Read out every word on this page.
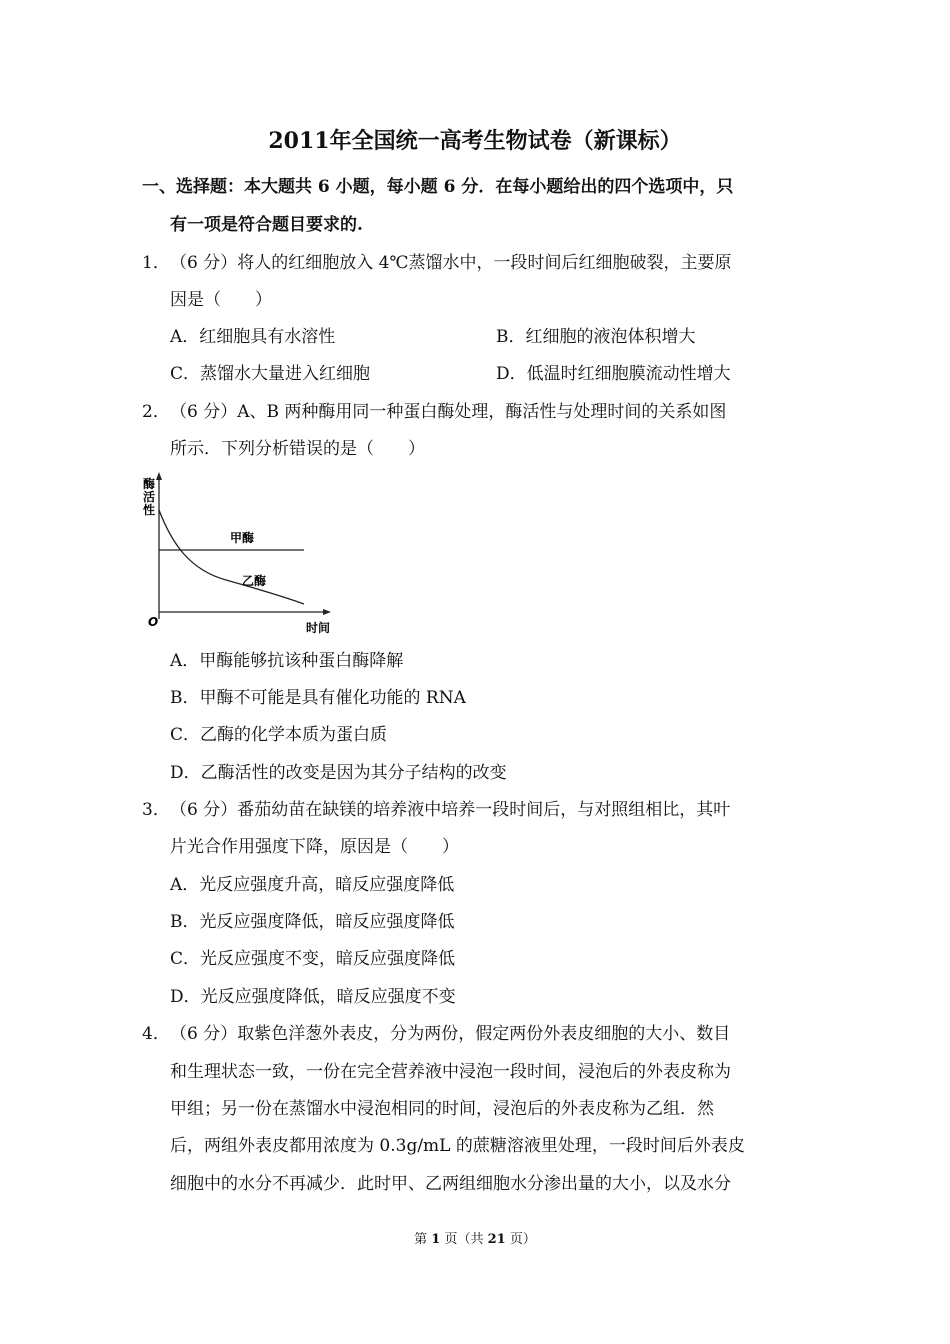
2011年全国统一高考生物试卷（新课标）
一、选择题：本大题共 6 小题，每小题 6 分．在每小题给出的四个选项中，只
有一项是符合题目要求的.
1． （6 分）将人的红细胞放入 4℃蒸馏水中，一段时间后红细胞破裂，主要原
因是（　　）
A．红细胞具有水溶性	B．红细胞的液泡体积增大
C．蒸馏水大量进入红细胞	D．低温时红细胞膜流动性增大
2． （6 分）A、B 两种酶用同一种蛋白酶处理，酶活性与处理时间的关系如图
所示．下列分析错误的是（　　）
酶
活
性
O	时间
甲酶
乙酶
A．甲酶能够抗该种蛋白酶降解
B．甲酶不可能是具有催化功能的 RNA
C．乙酶的化学本质为蛋白质
D．乙酶活性的改变是因为其分子结构的改变
3． （6 分）番茄幼苗在缺镁的培养液中培养一段时间后，与对照组相比，其叶
片光合作用强度下降，原因是（　　）
A．光反应强度升高，暗反应强度降低
B．光反应强度降低，暗反应强度降低
C．光反应强度不变，暗反应强度降低
D．光反应强度降低，暗反应强度不变
4． （6 分）取紫色洋葱外表皮，分为两份，假定两份外表皮细胞的大小、数目
和生理状态一致，一份在完全营养液中浸泡一段时间，浸泡后的外表皮称为
甲组；另一份在蒸馏水中浸泡相同的时间，浸泡后的外表皮称为乙组．然
后，两组外表皮都用浓度为 0.3g/mL 的蔗糖溶液里处理，一段时间后外表皮
细胞中的水分不再减少．此时甲、乙两组细胞水分渗出量的大小，以及水分
第 1 页（共 21 页）
